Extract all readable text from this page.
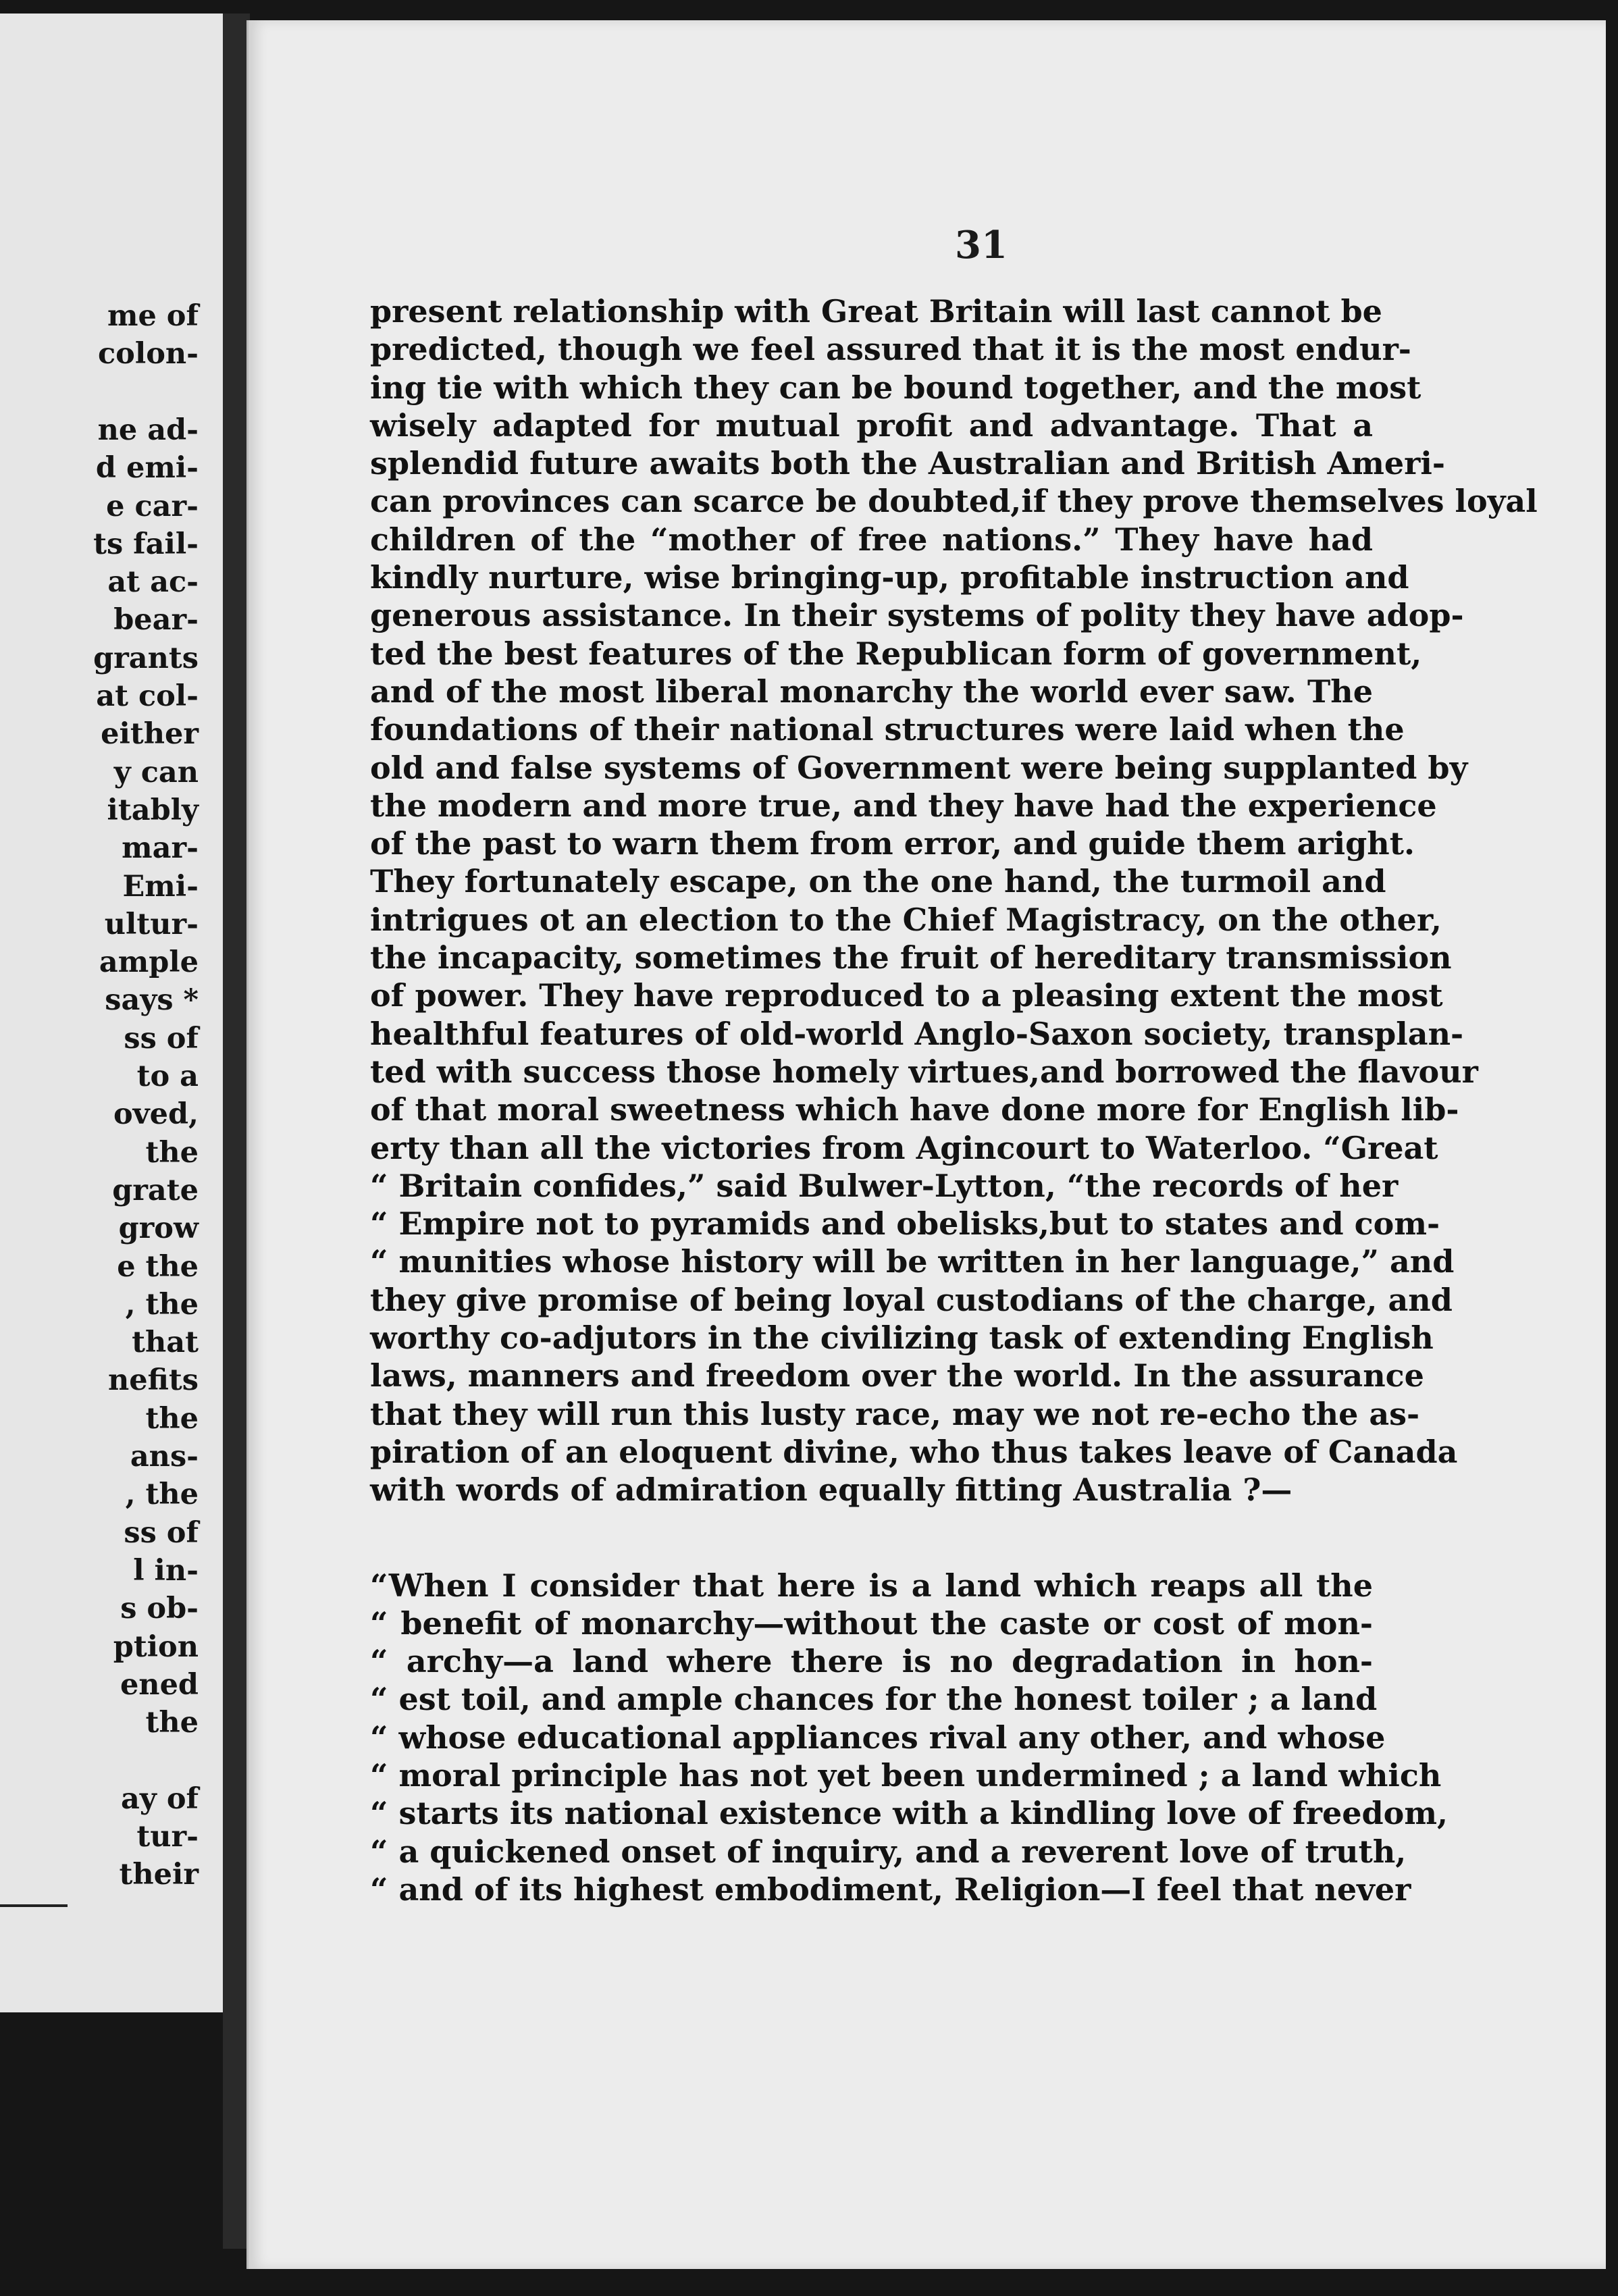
me of
colon-
ne ad-
d emi-
e car-
ts fail-
at ac-
bear-
grants
at col-
either
y can
itably
mar-
Emi-
ultur-
ample
says *
ss of
to a
oved,
the
grate
grow
e the
, the
that
nefits
the
ans-
, the
ss of
l in-
s ob-
ption
ened
the
ay of
tur-
their
31
present relationship with Great Britain will last cannot be
predicted, though we feel assured that it is the most endur-
ing tie with which they can be bound together, and the most
wisely adapted for mutual profit and advantage. That a
splendid future awaits both the Australian and British Ameri-
can provinces can scarce be doubted,if they prove themselves loyal
children of the “mother of free nations.” They have had
kindly nurture, wise bringing-up, profitable instruction and
generous assistance. In their systems of polity they have adop-
ted the best features of the Republican form of government,
and of the most liberal monarchy the world ever saw. The
foundations of their national structures were laid when the
old and false systems of Government were being supplanted by
the modern and more true, and they have had the experience
of the past to warn them from error, and guide them aright.
They fortunately escape, on the one hand, the turmoil and
intrigues ot an election to the Chief Magistracy, on the other,
the incapacity, sometimes the fruit of hereditary transmission
of power. They have reproduced to a pleasing extent the most
healthful features of old-world Anglo-Saxon society, transplan-
ted with success those homely virtues,and borrowed the flavour
of that moral sweetness which have done more for English lib-
erty than all the victories from Agincourt to Waterloo. “Great
“ Britain confides,” said Bulwer-Lytton, “the records of her
“ Empire not to pyramids and obelisks,but to states and com-
“ munities whose history will be written in her language,” and
they give promise of being loyal custodians of the charge, and
worthy co-adjutors in the civilizing task of extending English
laws, manners and freedom over the world. In the assurance
that they will run this lusty race, may we not re-echo the as-
piration of an eloquent divine, who thus takes leave of Canada
with words of admiration equally fitting Australia ?—
“When I consider that here is a land which reaps all the
“ benefit of monarchy—without the caste or cost of mon-
“ archy—a land where there is no degradation in hon-
“ est toil, and ample chances for the honest toiler ; a land
“ whose educational appliances rival any other, and whose
“ moral principle has not yet been undermined ; a land which
“ starts its national existence with a kindling love of freedom,
“ a quickened onset of inquiry, and a reverent love of truth,
“ and of its highest embodiment, Religion—I feel that never
